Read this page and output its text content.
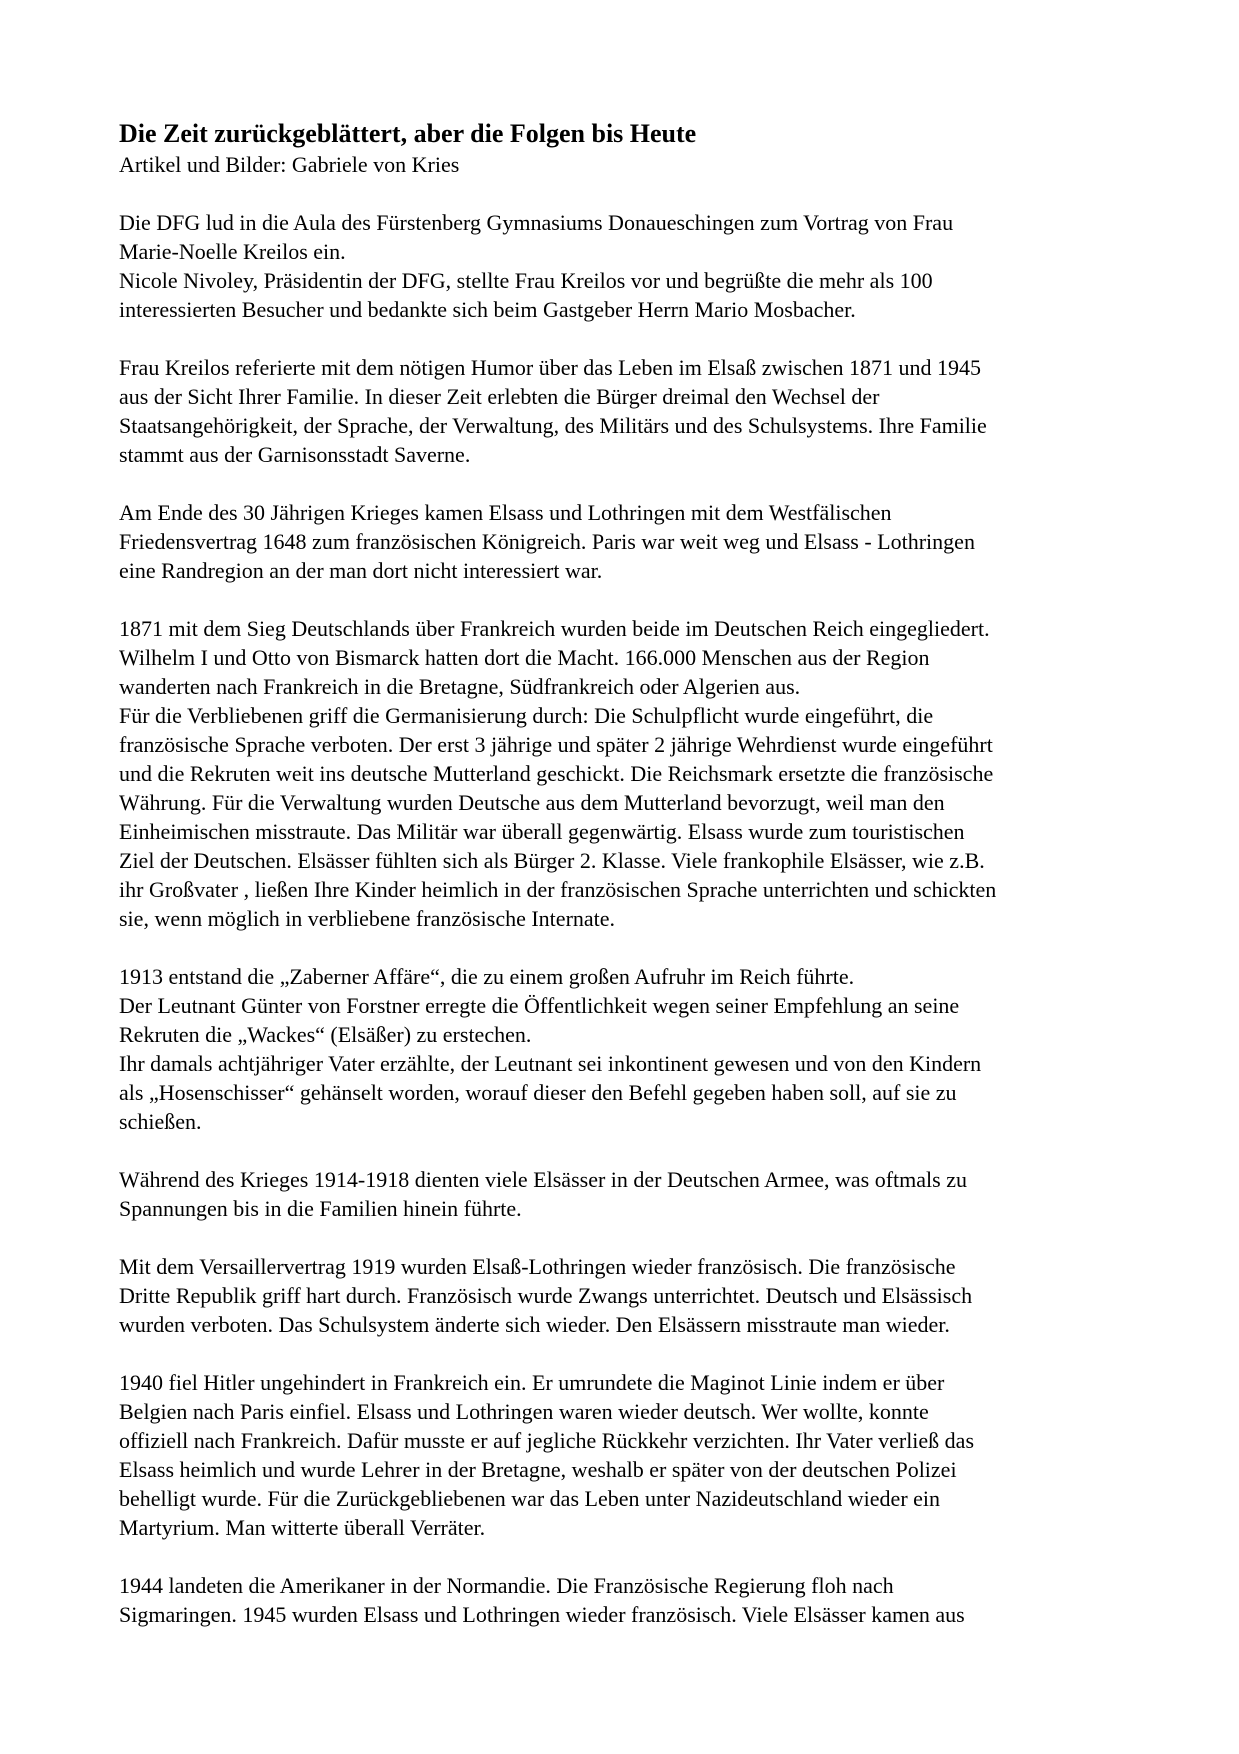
Die Zeit zurückgeblättert, aber die Folgen bis Heute
Artikel und Bilder: Gabriele von Kries
Die DFG lud in die Aula des Fürstenberg Gymnasiums Donaueschingen zum Vortrag von Frau
Marie-Noelle Kreilos ein.
Nicole Nivoley, Präsidentin der DFG, stellte Frau Kreilos vor und begrüßte die mehr als 100
interessierten Besucher und bedankte sich beim Gastgeber Herrn Mario Mosbacher.
Frau Kreilos referierte mit dem nötigen Humor über das Leben im Elsaß zwischen 1871 und 1945
aus der Sicht Ihrer Familie. In dieser Zeit erlebten die Bürger dreimal den Wechsel der
Staatsangehörigkeit, der Sprache, der Verwaltung, des Militärs und des Schulsystems. Ihre Familie
stammt aus der Garnisonsstadt Saverne.
Am Ende des 30 Jährigen Krieges kamen Elsass und Lothringen mit dem Westfälischen
Friedensvertrag 1648 zum französischen Königreich. Paris war weit weg und Elsass - Lothringen
eine Randregion an der man dort nicht interessiert war.
1871 mit dem Sieg Deutschlands über Frankreich wurden beide im Deutschen Reich eingegliedert.
Wilhelm I und Otto von Bismarck hatten dort die Macht. 166.000 Menschen aus der Region
wanderten nach Frankreich in die Bretagne, Südfrankreich oder Algerien aus.
Für die Verbliebenen griff die Germanisierung durch: Die Schulpflicht wurde eingeführt, die
französische Sprache verboten. Der erst 3 jährige und später 2 jährige Wehrdienst wurde eingeführt
und die Rekruten weit ins deutsche Mutterland geschickt. Die Reichsmark ersetzte die französische
Währung. Für die Verwaltung wurden Deutsche aus dem Mutterland bevorzugt, weil man den
Einheimischen misstraute. Das Militär war überall gegenwärtig. Elsass wurde zum touristischen
Ziel der Deutschen. Elsässer fühlten sich als Bürger 2. Klasse. Viele frankophile Elsässer, wie z.B.
ihr Großvater , ließen Ihre Kinder heimlich in der französischen Sprache unterrichten und schickten
sie, wenn möglich in verbliebene französische Internate.
1913 entstand die „Zaberner Affäre“, die zu einem großen Aufruhr im Reich führte.
Der Leutnant Günter von Forstner erregte die Öffentlichkeit wegen seiner Empfehlung an seine
Rekruten die „Wackes“ (Elsäßer) zu erstechen.
Ihr damals achtjähriger Vater erzählte, der Leutnant sei inkontinent gewesen und von den Kindern
als „Hosenschisser“ gehänselt worden, worauf dieser den Befehl gegeben haben soll, auf sie zu
schießen.
Während des Krieges 1914-1918 dienten viele Elsässer in der Deutschen Armee, was oftmals zu
Spannungen bis in die Familien hinein führte.
Mit dem Versaillervertrag 1919 wurden Elsaß-Lothringen wieder französisch. Die französische
Dritte Republik griff hart durch. Französisch wurde Zwangs unterrichtet. Deutsch und Elsässisch
wurden verboten. Das Schulsystem änderte sich wieder. Den Elsässern misstraute man wieder.
1940 fiel Hitler ungehindert in Frankreich ein. Er umrundete die Maginot Linie indem er über
Belgien nach Paris einfiel. Elsass und Lothringen waren wieder deutsch. Wer wollte, konnte
offiziell nach Frankreich. Dafür musste er auf jegliche Rückkehr verzichten. Ihr Vater verließ das
Elsass heimlich und wurde Lehrer in der Bretagne, weshalb er später von der deutschen Polizei
behelligt wurde. Für die Zurückgebliebenen war das Leben unter Nazideutschland wieder ein
Martyrium. Man witterte überall Verräter.
1944 landeten die Amerikaner in der Normandie. Die Französische Regierung floh nach
Sigmaringen. 1945 wurden Elsass und Lothringen wieder französisch. Viele Elsässer kamen aus
